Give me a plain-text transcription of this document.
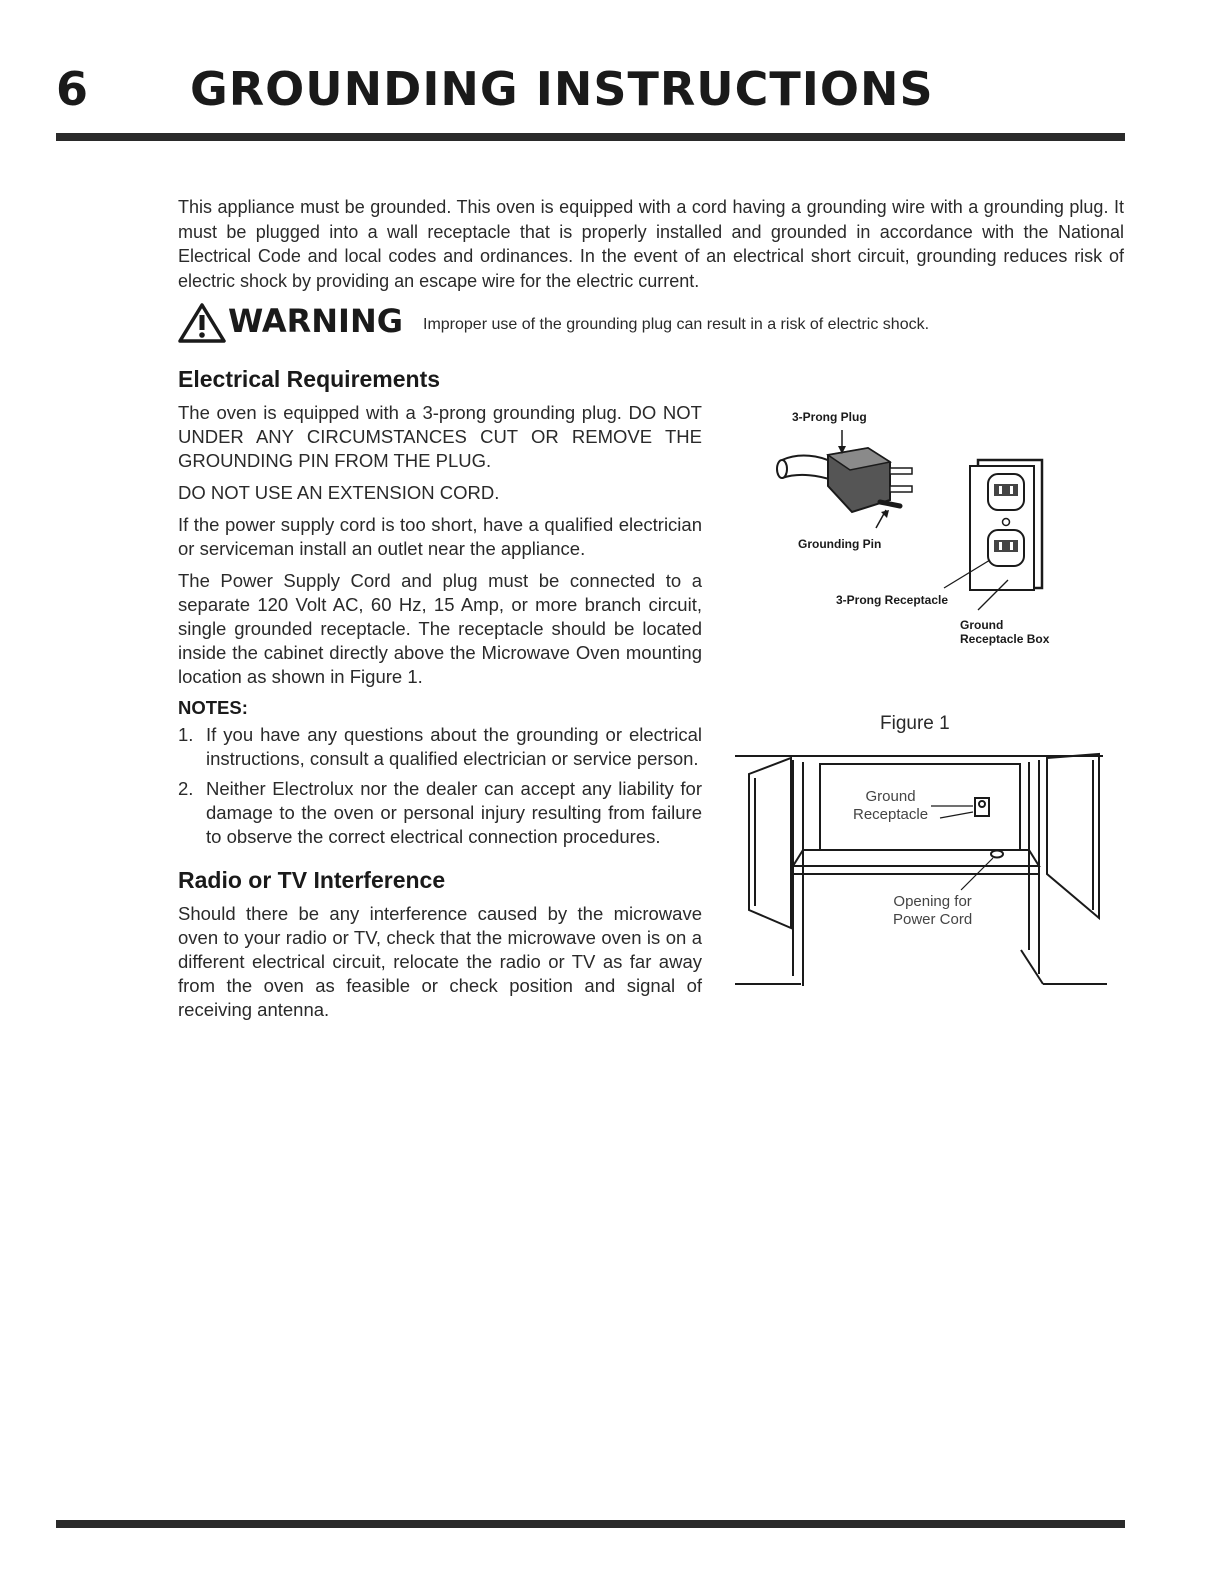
6 GROUNDING INSTRUCTIONS

This appliance must be grounded. This oven is equipped with a cord having a grounding wire with a grounding plug. It must be plugged into a wall receptacle that is properly installed and grounded in accordance with the National Electrical Code and local codes and ordinances. In the event of an electrical short circuit, grounding reduces risk of electric shock by providing an escape wire for the electric current.

WARNING Improper use of the grounding plug can result in a risk of electric shock.
Electrical Requirements

The oven is equipped with a 3-prong grounding plug. DO NOT UNDER ANY CIRCUMSTANCES CUT OR REMOVE THE GROUNDING PIN FROM THE PLUG.

DO NOT USE AN EXTENSION CORD.

If the power supply cord is too short, have a qualified electrician or serviceman install an outlet near the appliance.

The Power Supply Cord and plug must be connected to a separate 120 Volt AC, 60 Hz, 15 Amp, or more branch circuit, single grounded receptacle. The receptacle should be located inside the cabinet directly above the Microwave Oven mounting location as shown in Figure 1.

NOTES:
1. If you have any questions about the grounding or electrical instructions, consult a qualified electrician or service person.
2. Neither Electrolux nor the dealer can accept any liability for damage to the oven or personal injury resulting from failure to observe the correct electrical connection procedures.
Radio or TV Interference

Should there be any interference caused by the microwave oven to your radio or TV, check that the microwave oven is on a different electrical circuit, relocate the radio or TV as far away from the oven as feasible or check position and signal of receiving antenna.

3-Prong Plug
Grounding Pin
3-Prong Receptacle
Ground
Receptacle Box
Figure 1
Ground
Receptacle
Opening for
Power Cord
